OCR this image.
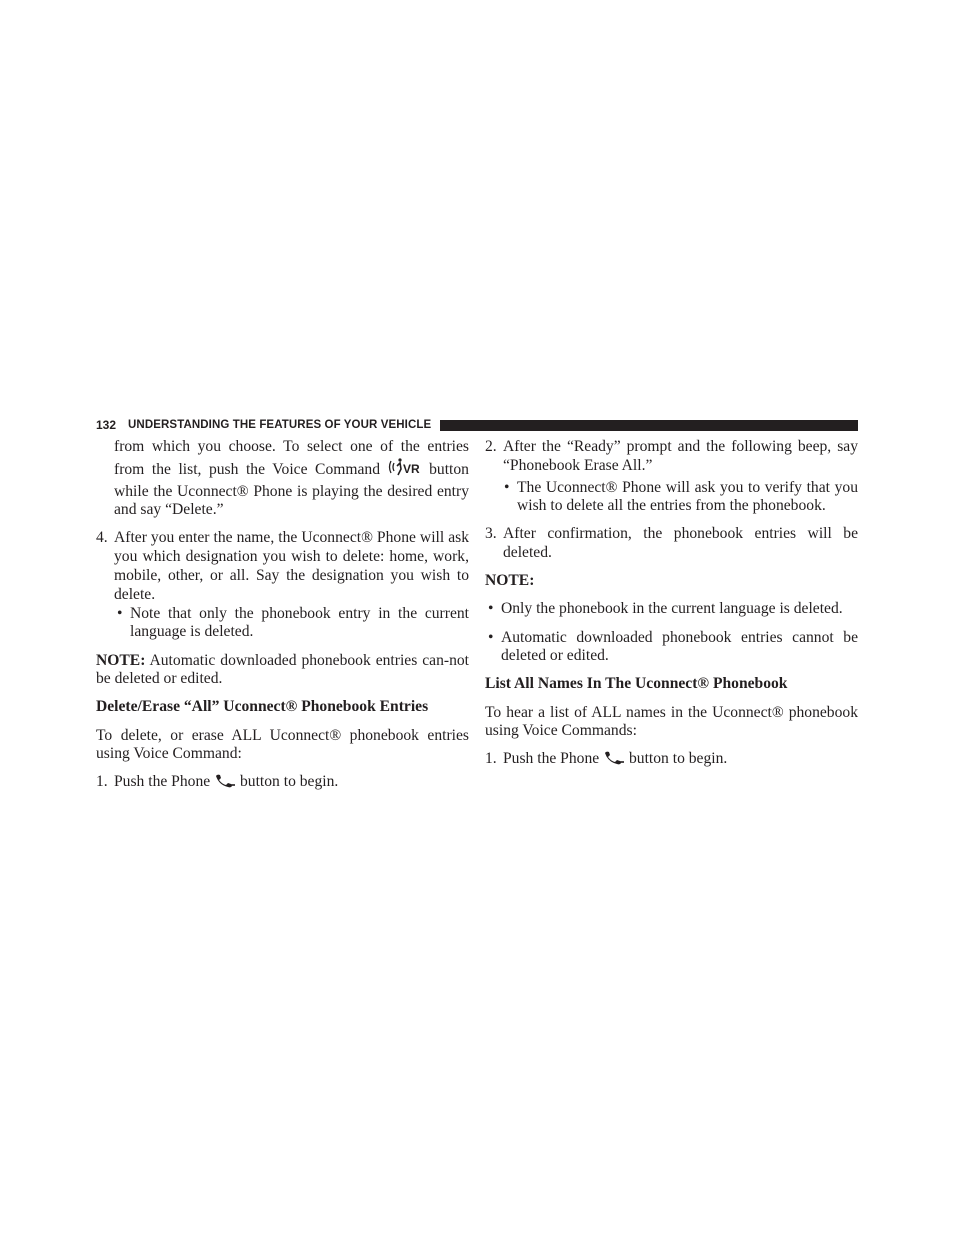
132 UNDERSTANDING THE FEATURES OF YOUR VEHICLE

from which you choose. To select one of the entries from the list, push the Voice Command VR button while the Uconnect® Phone is playing the desired entry and say “Delete.”

4. After you enter the name, the Uconnect® Phone will ask you which designation you wish to delete: home, work, mobile, other, or all. Say the designation you wish to delete.

• Note that only the phonebook entry in the current language is deleted.

NOTE: Automatic downloaded phonebook entries can-not be deleted or edited.

Delete/Erase “All” Uconnect® Phonebook Entries

To delete, or erase ALL Uconnect® phonebook entries using Voice Command:

1. Push the Phone button to begin.

2. After the “Ready” prompt and the following beep, say “Phonebook Erase All.”

• The Uconnect® Phone will ask you to verify that you wish to delete all the entries from the phonebook.

3. After confirmation, the phonebook entries will be deleted.

NOTE:

• Only the phonebook in the current language is deleted.

• Automatic downloaded phonebook entries cannot be deleted or edited.

List All Names In The Uconnect® Phonebook

To hear a list of ALL names in the Uconnect® phonebook using Voice Commands:

1. Push the Phone button to begin.
